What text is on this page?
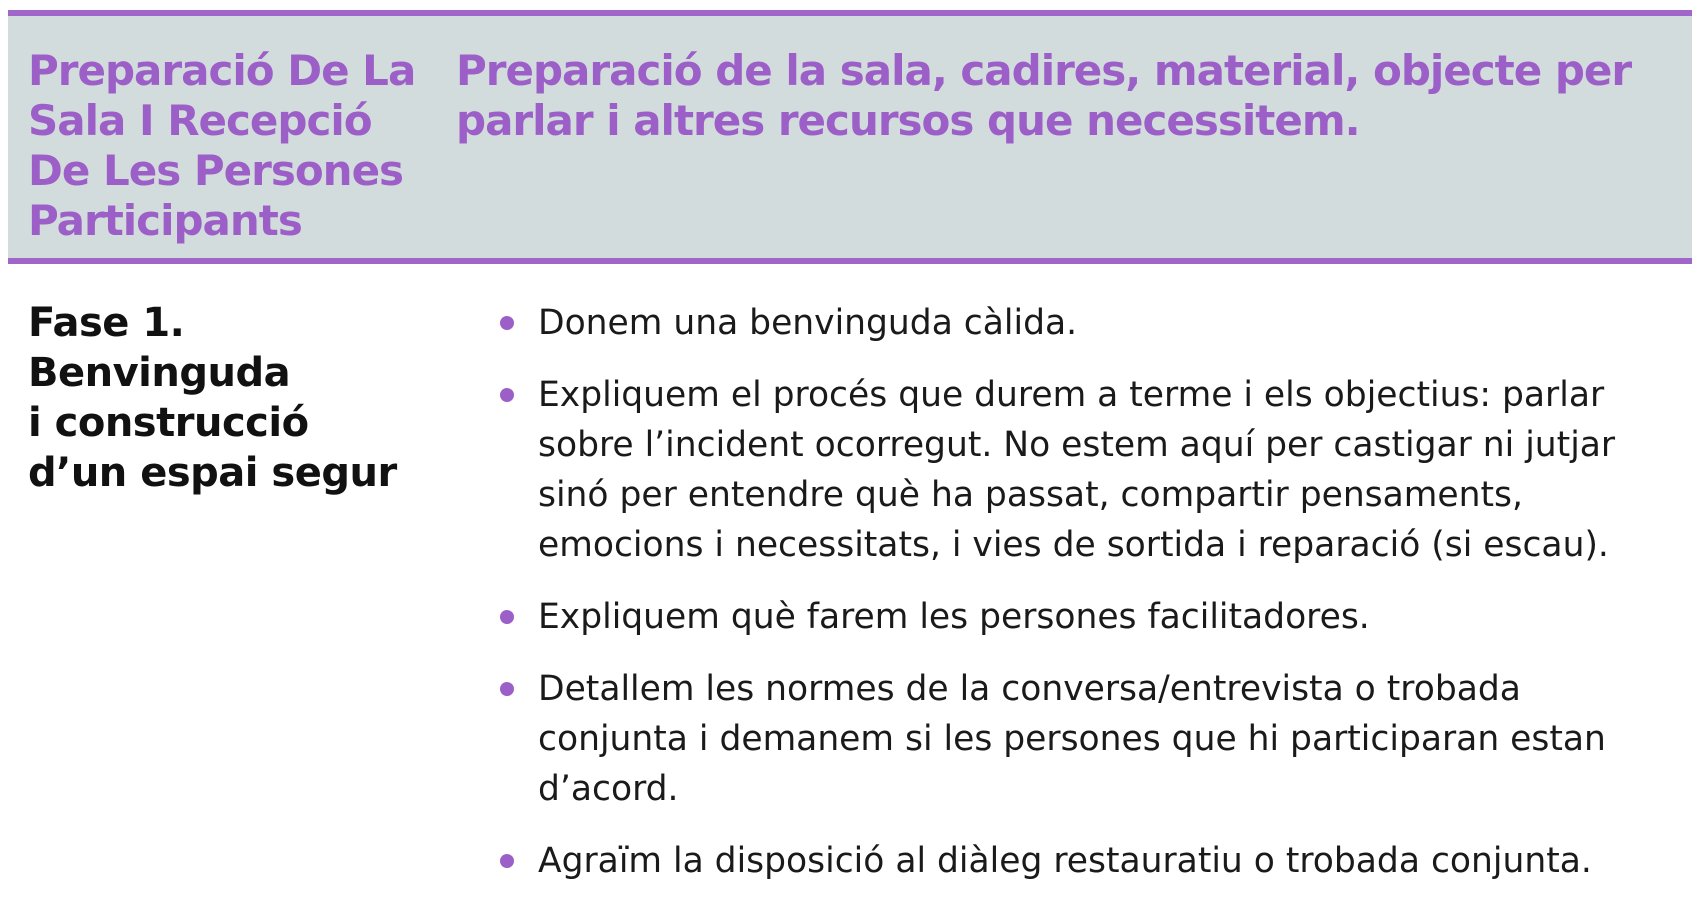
Preparació De La
Sala I Recepció
De Les Persones
Participants
Preparació de la sala, cadires, material, objecte per
parlar i altres recursos que necessitem.
Fase 1.
Benvinguda
i construcció
d’un espai segur
Donem una benvinguda càlida.
Expliquem el procés que durem a terme i els objectius: parlar
sobre l’incident ocorregut. No estem aquí per castigar ni jutjar
sinó per entendre què ha passat, compartir pensaments,
emocions i necessitats, i vies de sortida i reparació (si escau).
Expliquem què farem les persones facilitadores.
Detallem les normes de la conversa/entrevista o trobada
conjunta i demanem si les persones que hi participaran estan
d’acord.
Agraïm la disposició al diàleg restauratiu o trobada conjunta.
